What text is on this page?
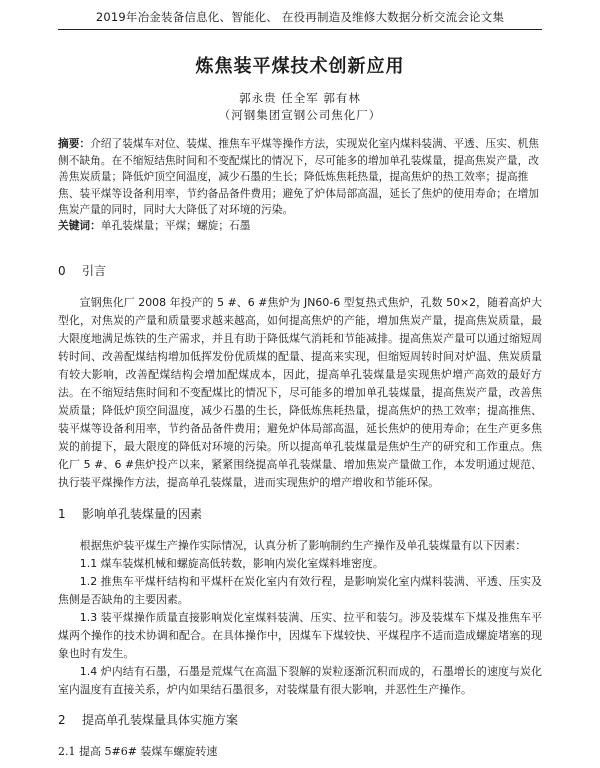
2019年冶金装备信息化、智能化、 在役再制造及维修大数据分析交流会论文集
炼焦装平煤技术创新应用
郭永贵 任全军 郭有林
（河钢集团宣钢公司焦化厂）
摘要：介绍了装煤车对位、装煤、推焦车平煤等操作方法，实现炭化室内煤料装满、平透、压实、机焦侧不缺角。在不缩短结焦时间和不变配煤比的情况下，尽可能多的增加单孔装煤量，提高焦炭产量，改善焦炭质量；降低炉顶空间温度，减少石墨的生长；降低炼焦耗热量，提高焦炉的热工效率；提高推焦、装平煤等设备利用率，节约备品备件费用；避免了炉体局部高温，延长了焦炉的使用寿命；在增加焦炭产量的同时，同时大大降低了对环境的污染。
关键词：单孔装煤量；平煤；螺旋；石墨
0 引言
宣钢焦化厂 2008 年投产的 5 #、6 #焦炉为 JN60-6 型复热式焦炉，孔数 50×2，随着高炉大型化，对焦炭的产量和质量要求越来越高，如何提高焦炉的产能，增加焦炭产量，提高焦炭质量，最大限度地满足炼铁的生产需求，并且有助于降低煤气消耗和节能减排。提高焦炭产量可以通过缩短周转时间、改善配煤结构增加低挥发份优质煤的配量、提高来实现，但缩短周转时间对炉温、焦炭质量有较大影响，改善配煤结构会增加配煤成本，因此，提高单孔装煤量是实现焦炉增产高效的最好方法。在不缩短结焦时间和不变配煤比的情况下，尽可能多的增加单孔装煤量，提高焦炭产量，改善焦炭质量；降低炉顶空间温度，减少石墨的生长，降低炼焦耗热量，提高焦炉的热工效率；提高推焦、装平煤等设备利用率，节约备品备件费用；避免炉体局部高温，延长焦炉的使用寿命；在生产更多焦炭的前提下，最大限度的降低对环境的污染。所以提高单孔装煤量是焦炉生产的研究和工作重点。焦化厂 5 #、6 #焦炉投产以来，紧紧围绕提高单孔装煤量、增加焦炭产量做工作，本发明通过规范、执行装平煤操作方法，提高单孔装煤量，进而实现焦炉的增产增收和节能环保。
1 影响单孔装煤量的因素
根据焦炉装平煤生产操作实际情况，认真分析了影响制约生产操作及单孔装煤量有以下因素：
1.1 煤车装煤机械和螺旋高低转数，影响内炭化室煤料堆密度。
1.2 推焦车平煤杆结构和平煤杆在炭化室内有效行程，是影响炭化室内煤料装满、平透、压实及焦侧是否缺角的主要因素。
1.3 装平煤操作质量直接影响炭化室煤料装满、压实、拉平和装匀。涉及装煤车下煤及推焦车平煤两个操作的技术协调和配合。在具体操作中，因煤车下煤较快、平煤程序不适而造成螺旋堵塞的现象也时有发生。
1.4 炉内结有石墨，石墨是荒煤气在高温下裂解的炭粒逐渐沉积而成的，石墨增长的速度与炭化室内温度有直接关系，炉内如果结石墨很多，对装煤量有很大影响，并恶性生产操作。
2 提高单孔装煤量具体实施方案
2.1 提高 5#6# 装煤车螺旋转速
